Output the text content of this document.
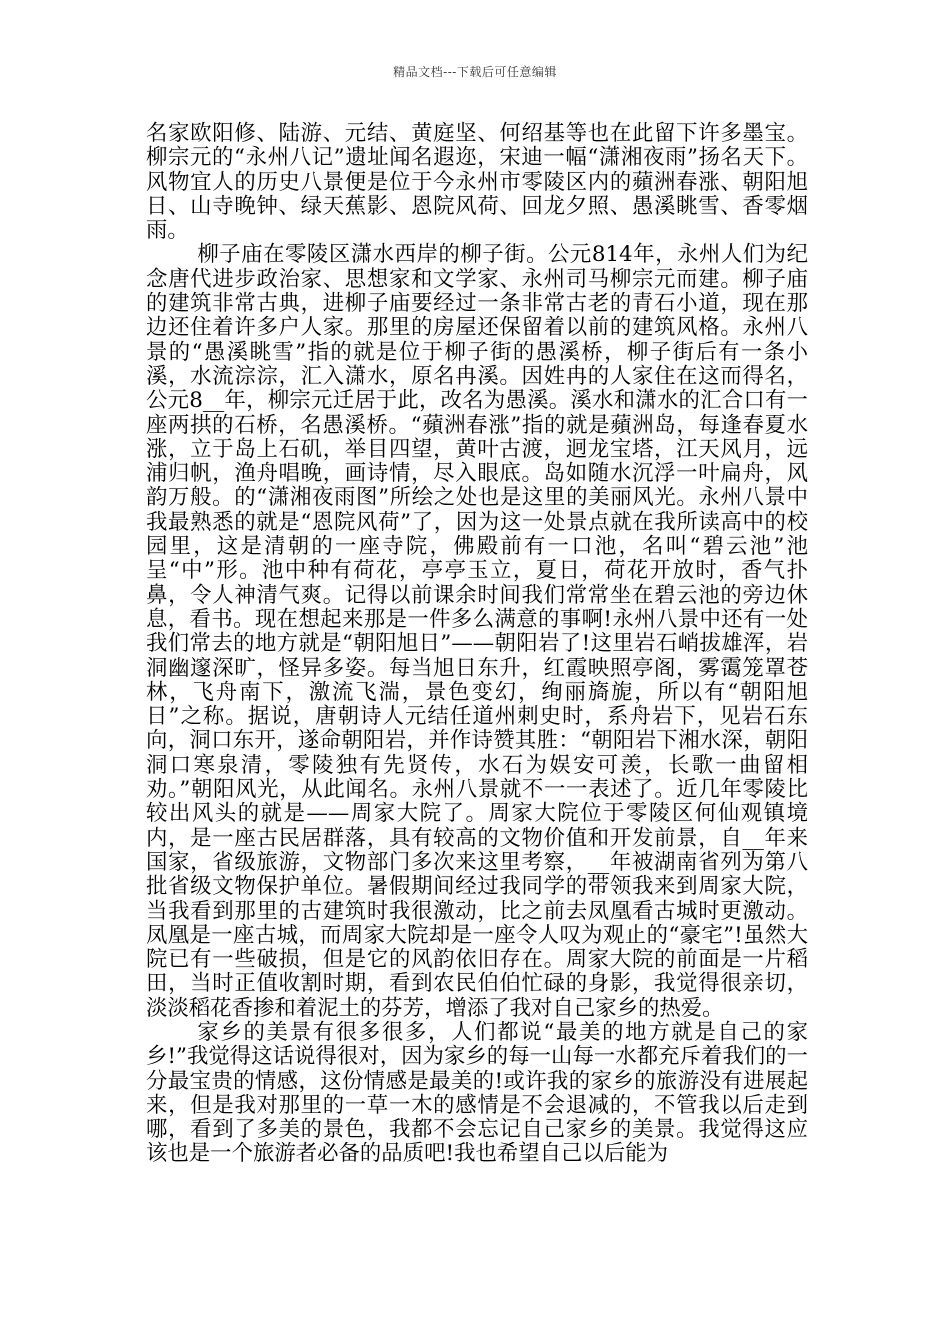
精品文档---下载后可任意编辑

名家欧阳修、陆游、元结、黄庭坚、何绍基等也在此留下许多墨宝。柳宗元的“永州八记”遗址闻名遐迩，宋迪一幅“潇湘夜雨”扬名天下。风物宜人的历史八景便是位于今永州市零陵区内的蘋洲春涨、朝阳旭日、山寺晚钟、绿天蕉影、恩院风荷、回龙夕照、愚溪眺雪、香零烟雨。

柳子庙在零陵区潇水西岸的柳子街。公元814年，永州人们为纪念唐代进步政治家、思想家和文学家、永州司马柳宗元而建。柳子庙的建筑非常古典，进柳子庙要经过一条非常古老的青石小道，现在那边还住着许多户人家。那里的房屋还保留着以前的建筑风格。永州八景的“愚溪眺雪”指的就是位于柳子街的愚溪桥，柳子街后有一条小溪，水流淙淙，汇入潇水，原名冉溪。因姓冉的人家住在这而得名，公元8__年，柳宗元迁居于此，改名为愚溪。溪水和潇水的汇合口有一座两拱的石桥，名愚溪桥。“蘋洲春涨”指的就是蘋洲岛，每逢春夏水涨，立于岛上石矶，举目四望，黄叶古渡，迥龙宝塔，江天风月，远浦归帆，渔舟唱晚，画诗情，尽入眼底。岛如随水沉浮一叶扁舟，风韵万般。的“潇湘夜雨图”所绘之处也是这里的美丽风光。永州八景中我最熟悉的就是“恩院风荷”了，因为这一处景点就在我所读高中的校园里，这是清朝的一座寺院，佛殿前有一口池，名叫“碧云池”池呈“中”形。池中种有荷花，亭亭玉立，夏日，荷花开放时，香气扑鼻，令人神清气爽。记得以前课余时间我们常常坐在碧云池的旁边休息，看书。现在想起来那是一件多么满意的事啊!永州八景中还有一处我们常去的地方就是“朝阳旭日”——朝阳岩了!这里岩石峭拔雄浑，岩洞幽邃深旷，怪异多姿。每当旭日东升，红霞映照亭阁，雾霭笼罩苍林，飞舟南下，激流飞湍，景色变幻，绚丽旖旎，所以有“朝阳旭日”之称。据说，唐朝诗人元结任道州刺史时，系舟岩下，见岩石东向，洞口东开，遂命朝阳岩，并作诗赞其胜：“朝阳岩下湘水深，朝阳洞口寒泉清，零陵独有先贤传，水石为娱安可羡，长歌一曲留相劝。”朝阳风光，从此闻名。永州八景就不一一表述了。近几年零陵比较出风头的就是——周家大院了。周家大院位于零陵区何仙观镇境内，是一座古民居群落，具有较高的文物价值和开发前景，自__年来国家，省级旅游，文物部门多次来这里考察，__年被湖南省列为第八批省级文物保护单位。暑假期间经过我同学的带领我来到周家大院，当我看到那里的古建筑时我很激动，比之前去凤凰看古城时更激动。凤凰是一座古城，而周家大院却是一座令人叹为观止的“豪宅”!虽然大院已有一些破损，但是它的风韵依旧存在。周家大院的前面是一片稻田，当时正值收割时期，看到农民伯伯忙碌的身影，我觉得很亲切，淡淡稻花香掺和着泥土的芬芳，增添了我对自己家乡的热爱。

家乡的美景有很多很多，人们都说“最美的地方就是自己的家乡!”我觉得这话说得很对，因为家乡的每一山每一水都充斥着我们的一分最宝贵的情感，这份情感是最美的!或许我的家乡的旅游没有进展起来，但是我对那里的一草一木的感情是不会退减的，不管我以后走到哪，看到了多美的景色，我都不会忘记自己家乡的美景。我觉得这应该也是一个旅游者必备的品质吧!我也希望自己以后能为
